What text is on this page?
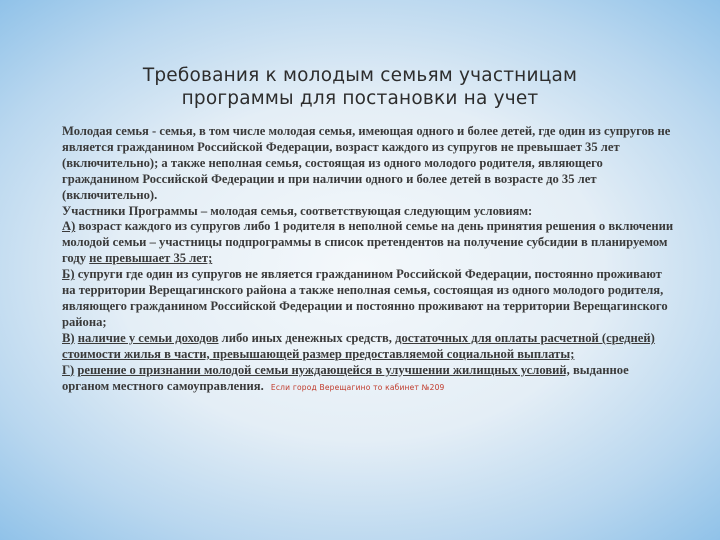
Требования к молодым семьям участницам
программы для постановки на учет

Молодая семья - семья, в том числе молодая семья, имеющая одного и более детей, где один из супругов не является гражданином Российской Федерации, возраст каждого из супругов не превышает 35 лет (включительно); а также неполная семья, состоящая из одного молодого родителя, являющего гражданином Российской Федерации и при наличии одного и более детей в возрасте до 35 лет (включительно).

Участники Программы – молодая семья, соответствующая следующим условиям:

А) возраст каждого из супругов либо 1 родителя в неполной семье на день принятия решения о включении молодой семьи – участницы подпрограммы в список претендентов на получение субсидии в планируемом году не превышает 35 лет;

Б) супруги где один из супругов не является гражданином Российской Федерации, постоянно проживают на территории Верещагинского района а также неполная семья, состоящая из одного молодого родителя, являющего гражданином Российской Федерации и постоянно проживают на территории Верещагинского района;

В) наличие у семьи доходов либо иных денежных средств, достаточных для оплаты расчетной (средней) стоимости жилья в части, превышающей размер предоставляемой социальной выплаты;

Г) решение о признании молодой семьи нуждающейся в улучшении жилищных условий, выданное органом местного самоуправления. Если город Верещагино то кабинет №209
